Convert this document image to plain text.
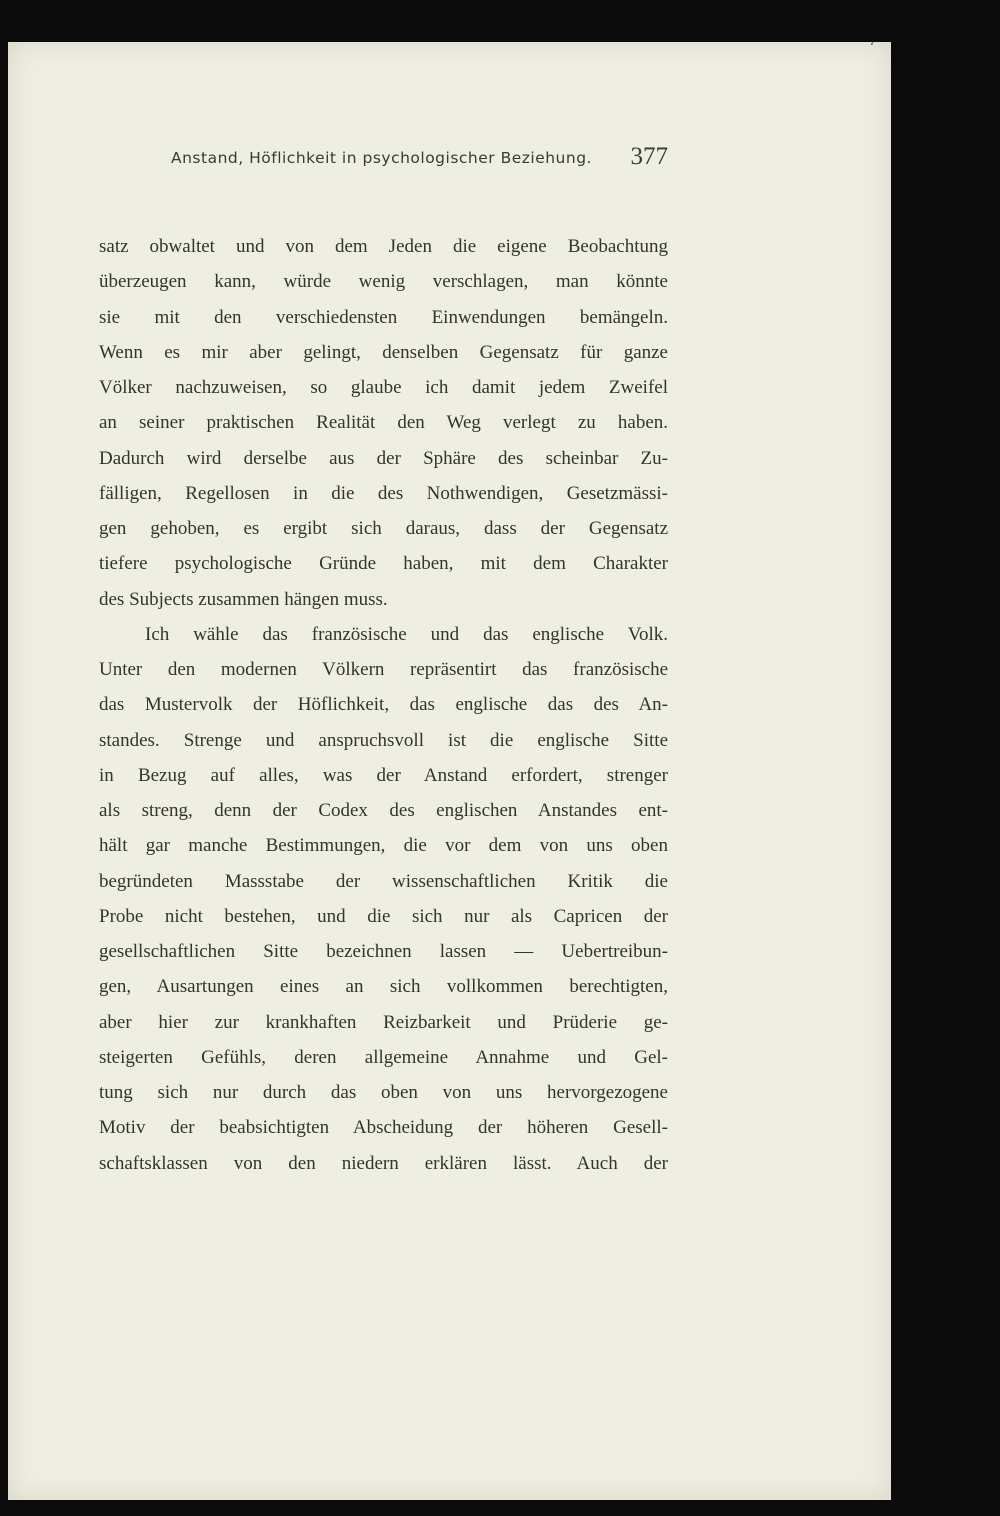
ʻ
Anstand, Höflichkeit in psychologischer Beziehung. 377
satz obwaltet und von dem Jeden die eigene Beobachtung
überzeugen kann, würde wenig verschlagen, man könnte
sie mit den verschiedensten Einwendungen bemängeln.
Wenn es mir aber gelingt, denselben Gegensatz für ganze
Völker nachzuweisen, so glaube ich damit jedem Zweifel
an seiner praktischen Realität den Weg verlegt zu haben.
Dadurch wird derselbe aus der Sphäre des scheinbar Zu-
fälligen, Regellosen in die des Nothwendigen, Gesetzmässi-
gen gehoben, es ergibt sich daraus, dass der Gegensatz
tiefere psychologische Gründe haben, mit dem Charakter
des Subjects zusammen hängen muss.
Ich wähle das französische und das englische Volk.
Unter den modernen Völkern repräsentirt das französische
das Mustervolk der Höflichkeit, das englische das des An-
standes. Strenge und anspruchsvoll ist die englische Sitte
in Bezug auf alles, was der Anstand erfordert, strenger
als streng, denn der Codex des englischen Anstandes ent-
hält gar manche Bestimmungen, die vor dem von uns oben
begründeten Massstabe der wissenschaftlichen Kritik die
Probe nicht bestehen, und die sich nur als Capricen der
gesellschaftlichen Sitte bezeichnen lassen — Uebertreibun-
gen, Ausartungen eines an sich vollkommen berechtigten,
aber hier zur krankhaften Reizbarkeit und Prüderie ge-
steigerten Gefühls, deren allgemeine Annahme und Gel-
tung sich nur durch das oben von uns hervorgezogene
Motiv der beabsichtigten Abscheidung der höheren Gesell-
schaftsklassen von den niedern erklären lässt. Auch der
